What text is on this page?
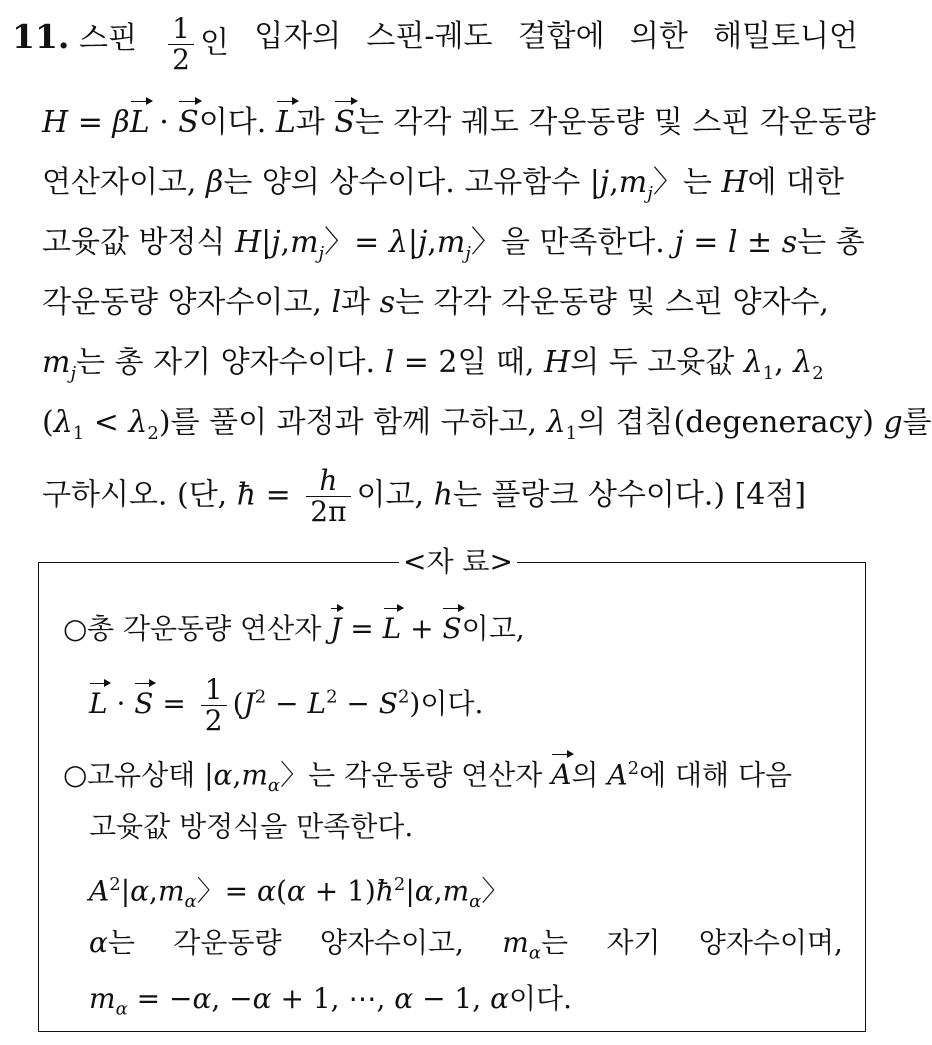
11. 스핀 $\frac{1}{2}$ 인 입자의 스핀-궤도 결합에 의한 해밀토니언
H = βL · S이다. L과 S는 각각 궤도 각운동량 및 스핀 각운동량
연산자이고, β는 양의 상수이다. 고유함수 $|j,m_j$〉는 H에 대한
고윳값 방정식 $H|j,m_j$〉= $\lambda|j,m_j$〉을 만족한다. j = l ± s는 총
각운동량 양자수이고, l과 s는 각각 각운동량 및 스핀 양자수,
$m_j$는 총 자기 양자수이다. l = 2일 때, H의 두 고윳값 $\lambda_1$, $\lambda_2$
$(\lambda_1 < \lambda_2)$를 풀이 과정과 함께 구하고, $\lambda_1$의 겹침(degeneracy) g를
구하시오. (단, ħ = $\frac{h}{2\pi}$ 이고, h는 플랑크 상수이다.) [4점]
<자 료>
○총 각운동량 연산자 J = L + S이고,
$L \cdot S = \frac{1}{2} (J^2 - L^2 - S^2)$이다.
○고유상태 $|\alpha,m_\alpha$〉는 각운동량 연산자 A의 $A^2$에 대해 다음
고윳값 방정식을 만족한다.
$A^2|\alpha,m_\alpha$〉= $\alpha(\alpha + 1)ħ^2|\alpha,m_\alpha$〉
α는 각운동량 양자수이고, $m_\alpha$는 자기 양자수이며,
$m_\alpha = -\alpha$, −α + 1, ⋯, α − 1, α이다.
